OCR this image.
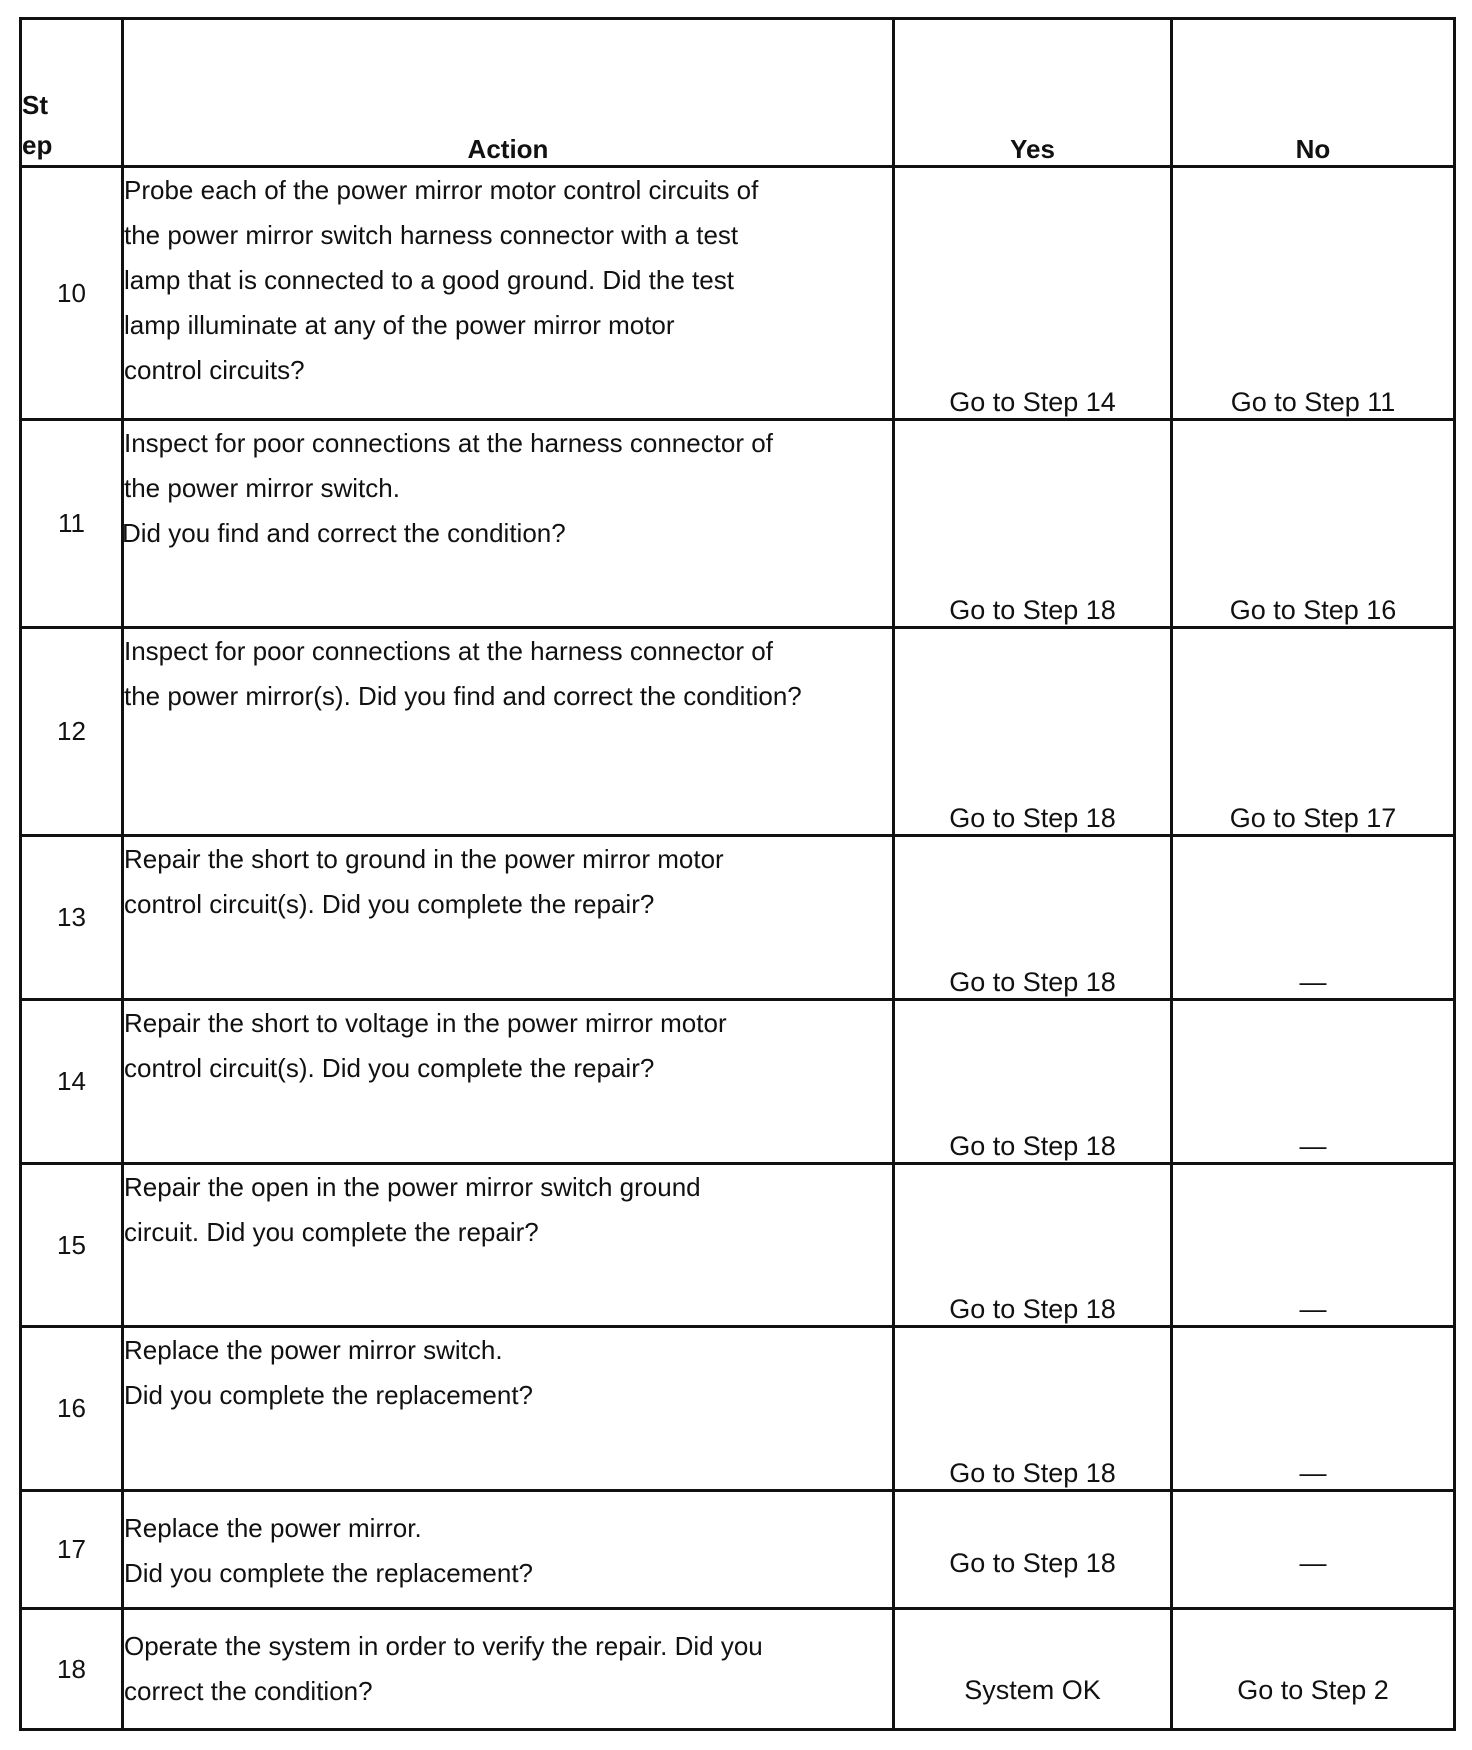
St ep	Action	Yes	No
10	Probe each of the power mirror motor control circuits of
the power mirror switch harness connector with a test
lamp that is connected to a good ground. Did the test
lamp illuminate at any of the power mirror motor
control circuits?	Go to Step 14	Go to Step 11
11	Inspect for poor connections at the harness connector of
the power mirror switch.
Did you find and correct the condition?	Go to Step 18	Go to Step 16
12	Inspect for poor connections at the harness connector of
the power mirror(s). Did you find and correct the condition?	Go to Step 18	Go to Step 17
13	Repair the short to ground in the power mirror motor
control circuit(s). Did you complete the repair?	Go to Step 18	—
14	Repair the short to voltage in the power mirror motor
control circuit(s). Did you complete the repair?	Go to Step 18	—
15	Repair the open in the power mirror switch ground
circuit. Did you complete the repair?	Go to Step 18	—
16	Replace the power mirror switch.
Did you complete the replacement?	Go to Step 18	—
17	Replace the power mirror.
Did you complete the replacement?	Go to Step 18	—
18	Operate the system in order to verify the repair. Did you
correct the condition?	System OK	Go to Step 2
